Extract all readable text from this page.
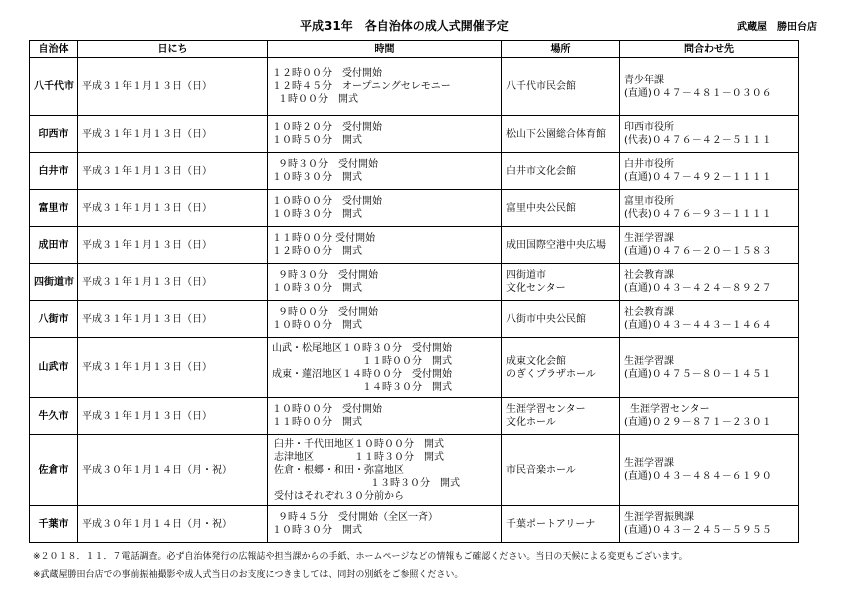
平成31年　各自治体の成人式開催予定	武蔵屋　勝田台店
自治体	日にち	時間	場所	問合わせ先
八千代市	平成３１年１月１３日（日）	１２時００分　受付開始
１２時４５分　オープニングセレモニー
１時００分　開式	八千代市民会館	青少年課
(直通)０４７－４８１－０３０６

印西市	平成３１年１月１３日（日）	１０時２０分　受付開始
１０時５０分　開式	松山下公園総合体育館	印西市役所
(代表)０４７６－４２－５１１１

白井市	平成３１年１月１３日（日）	９時３０分　受付開始
１０時３０分　開式	白井市文化会館	白井市役所
(直通)０４７－４９２－１１１１

富里市	平成３１年１月１３日（日）	１０時００分　受付開始
１０時３０分　開式	富里中央公民館	富里市役所
(代表)０４７６－９３－１１１１

成田市	平成３１年１月１３日（日）	１１時００分 受付開始
１２時００分　開式	成田国際空港中央広場	生涯学習課
(直通)０４７６－２０－１５８３

四街道市	平成３１年１月１３日（日）	９時３０分　受付開始
１０時３０分　開式	四街道市
文化センター	社会教育課
(直通)０４３－４２４－８９２７

八街市	平成３１年１月１３日（日）	９時００分　受付開始
１０時００分　開式	八街市中央公民館	社会教育課
(直通)０４３－４４３－１４６４

山武市	平成３１年１月１３日（日）	山武・松尾地区１０時３０分　受付開始
１１時００分　開式
成東・蓮沼地区１４時００分　受付開始
１４時３０分　開式	成東文化会館
のぎくプラザホール	生涯学習課
(直通)０４７５－８０－１４５１

牛久市	平成３１年１月１３日（日）	１０時００分　受付開始
１１時００分　開式	生涯学習センター
文化ホール	生涯学習センター
(直通)０２９－８７１－２３０１

佐倉市	平成３０年１月１４日（月・祝）	臼井・千代田地区１０時００分　開式
志津地区　　　　１１時３０分　開式
佐倉・根郷・和田・弥富地区
１３時３０分　開式
受付はそれぞれ３０分前から	市民音楽ホール	生涯学習課
(直通)０４３－４８４－６１９０

千葉市	平成３０年１月１４日（月・祝）	９時４５分　受付開始（全区一斉）
１０時３０分　開式	千葉ポートアリーナ	生涯学習振興課
(直通)０４３－２４５－５９５５
※２０１８．１１．７電話調査。必ず自治体発行の広報誌や担当課からの手紙、ホームページなどの情報もご確認ください。当日の天候による変更もございます。
※武蔵屋勝田台店での事前振袖撮影や成人式当日のお支度につきましては、同封の別紙をご参照ください。
